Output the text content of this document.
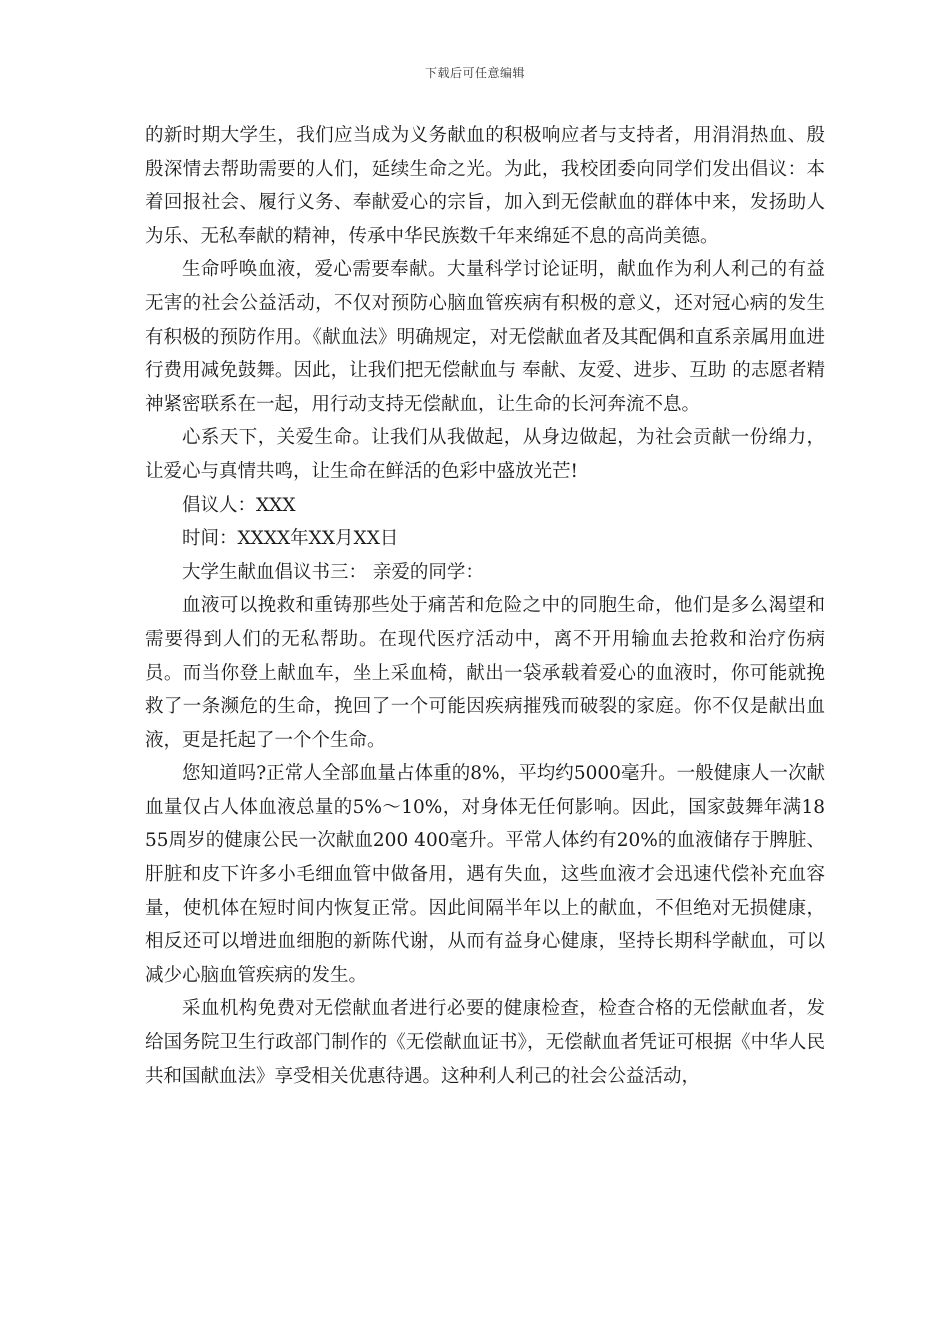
下载后可任意编辑

的新时期大学生，我们应当成为义务献血的积极响应者与支持者，用涓涓热血、殷殷深情去帮助需要的人们，延续生命之光。为此，我校团委向同学们发出倡议：本着回报社会、履行义务、奉献爱心的宗旨，加入到无偿献血的群体中来，发扬助人为乐、无私奉献的精神，传承中华民族数千年来绵延不息的高尚美德。

生命呼唤血液，爱心需要奉献。大量科学讨论证明，献血作为利人利己的有益无害的社会公益活动，不仅对预防心脑血管疾病有积极的意义，还对冠心病的发生有积极的预防作用。《献血法》明确规定，对无偿献血者及其配偶和直系亲属用血进行费用减免鼓舞。因此，让我们把无偿献血与 奉献、友爱、进步、互助 的志愿者精神紧密联系在一起，用行动支持无偿献血，让生命的长河奔流不息。

心系天下，关爱生命。让我们从我做起，从身边做起，为社会贡献一份绵力，让爱心与真情共鸣，让生命在鲜活的色彩中盛放光芒!

倡议人：XXX

时间：XXXX年XX月XX日

大学生献血倡议书三： 亲爱的同学：

血液可以挽救和重铸那些处于痛苦和危险之中的同胞生命，他们是多么渴望和需要得到人们的无私帮助。在现代医疗活动中，离不开用输血去抢救和治疗伤病员。而当你登上献血车，坐上采血椅，献出一袋承载着爱心的血液时，你可能就挽救了一条濒危的生命，挽回了一个可能因疾病摧残而破裂的家庭。你不仅是献出血液，更是托起了一个个生命。

您知道吗?正常人全部血量占体重的8%，平均约5000毫升。一般健康人一次献血量仅占人体血液总量的5%～10%，对身体无任何影响。因此，国家鼓舞年满18 55周岁的健康公民一次献血200 400毫升。平常人体约有20%的血液储存于脾脏、肝脏和皮下许多小毛细血管中做备用，遇有失血，这些血液才会迅速代偿补充血容量，使机体在短时间内恢复正常。因此间隔半年以上的献血，不但绝对无损健康，相反还可以增进血细胞的新陈代谢，从而有益身心健康，坚持长期科学献血，可以减少心脑血管疾病的发生。

采血机构免费对无偿献血者进行必要的健康检查，检查合格的无偿献血者，发给国务院卫生行政部门制作的《无偿献血证书》，无偿献血者凭证可根据《中华人民共和国献血法》享受相关优惠待遇。这种利人利己的社会公益活动，
